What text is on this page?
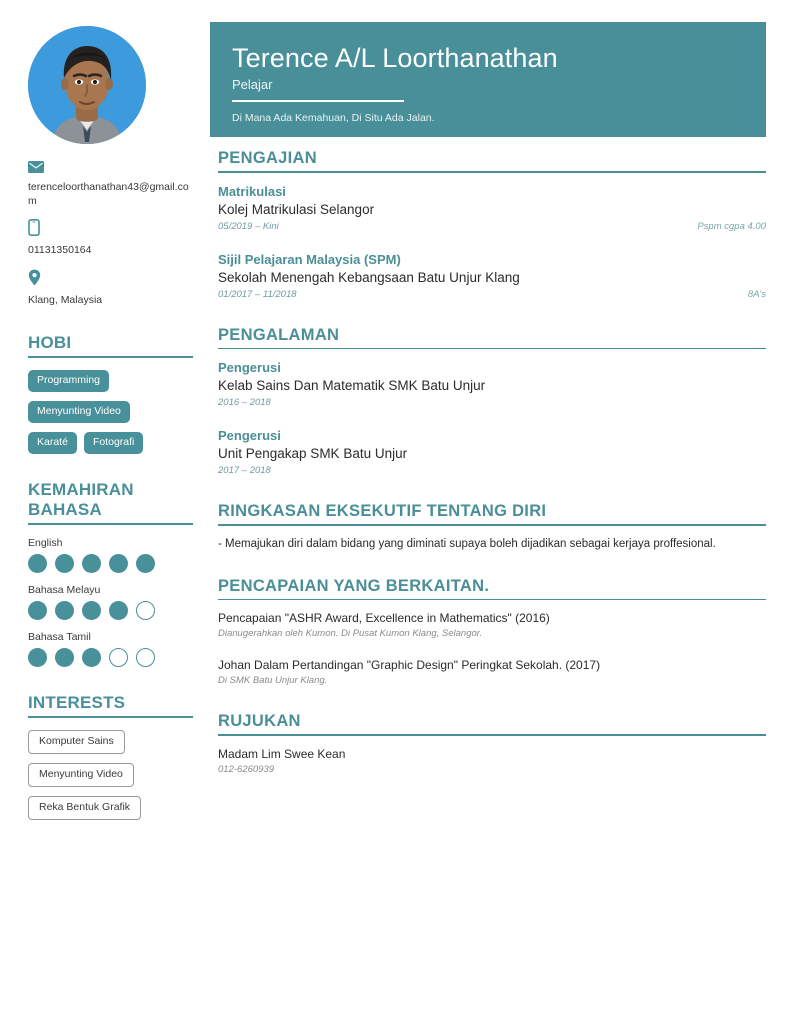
terenceloorthanathan43@gmail.com
01131350164
Klang, Malaysia
HOBI
Programming
Menyunting Video
Karaté	Fotografi
KEMAHIRAN
BAHASA
English
Bahasa Melayu
Bahasa Tamil
INTERESTS
Komputer Sains
Menyunting Video
Reka Bentuk Grafik
Terence A/L Loorthanathan
Pelajar
Di Mana Ada Kemahuan, Di Situ Ada Jalan.
PENGAJIAN
Matrikulasi
Kolej Matrikulasi Selangor
05/2019 – Kini	Pspm cgpa 4.00
Sijil Pelajaran Malaysia (SPM)
Sekolah Menengah Kebangsaan Batu Unjur Klang
01/2017 – 11/2018	8A's
PENGALAMAN
Pengerusi
Kelab Sains Dan Matematik SMK Batu Unjur
2016 – 2018
Pengerusi
Unit Pengakap SMK Batu Unjur
2017 – 2018
RINGKASAN EKSEKUTIF TENTANG DIRI
- Memajukan diri dalam bidang yang diminati supaya boleh dijadikan sebagai kerjaya proffesional.
PENCAPAIAN YANG BERKAITAN.
Pencapaian "ASHR Award, Excellence in Mathematics" (2016)
Dianugerahkan oleh Kumon. Di Pusat Kumon Klang, Selangor.
Johan Dalam Pertandingan "Graphic Design" Peringkat Sekolah. (2017)
Di SMK Batu Unjur Klang.
RUJUKAN
Madam Lim Swee Kean
012-6260939
